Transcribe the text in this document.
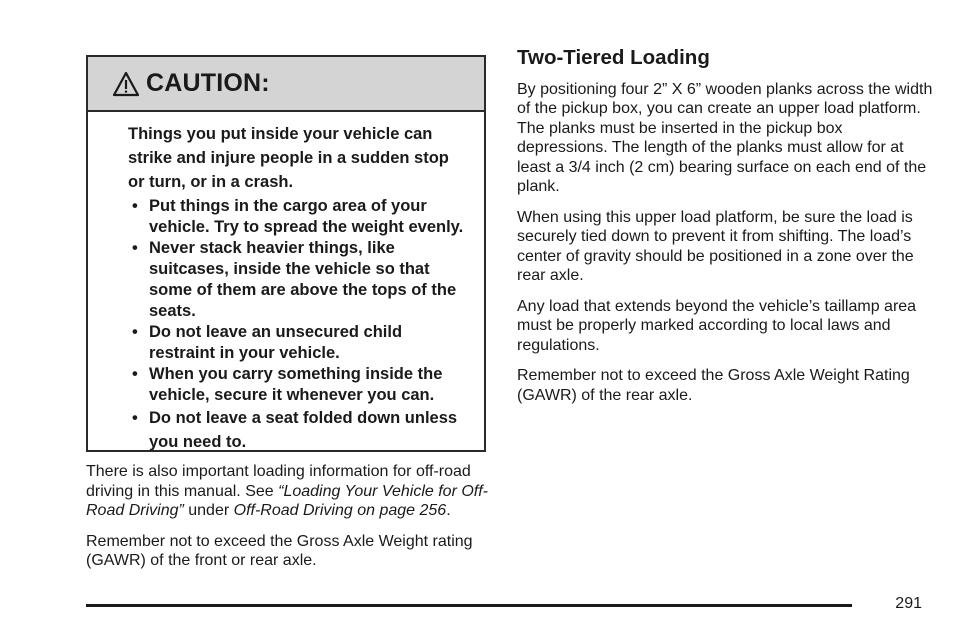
CAUTION:
Things you put inside your vehicle can strike and injure people in a sudden stop or turn, or in a crash.
• Put things in the cargo area of your vehicle. Try to spread the weight evenly.
• Never stack heavier things, like suitcases, inside the vehicle so that some of them are above the tops of the seats.
• Do not leave an unsecured child restraint in your vehicle.
• When you carry something inside the vehicle, secure it whenever you can.
• Do not leave a seat folded down unless you need to.

There is also important loading information for off-road driving in this manual. See “Loading Your Vehicle for Off-Road Driving” under Off-Road Driving on page 256.

Remember not to exceed the Gross Axle Weight rating (GAWR) of the front or rear axle.

Two-Tiered Loading

By positioning four 2” X 6” wooden planks across the width of the pickup box, you can create an upper load platform. The planks must be inserted in the pickup box depressions. The length of the planks must allow for at least a 3/4 inch (2 cm) bearing surface on each end of the plank.

When using this upper load platform, be sure the load is securely tied down to prevent it from shifting. The load’s center of gravity should be positioned in a zone over the rear axle.

Any load that extends beyond the vehicle’s taillamp area must be properly marked according to local laws and regulations.

Remember not to exceed the Gross Axle Weight Rating (GAWR) of the rear axle.

291
